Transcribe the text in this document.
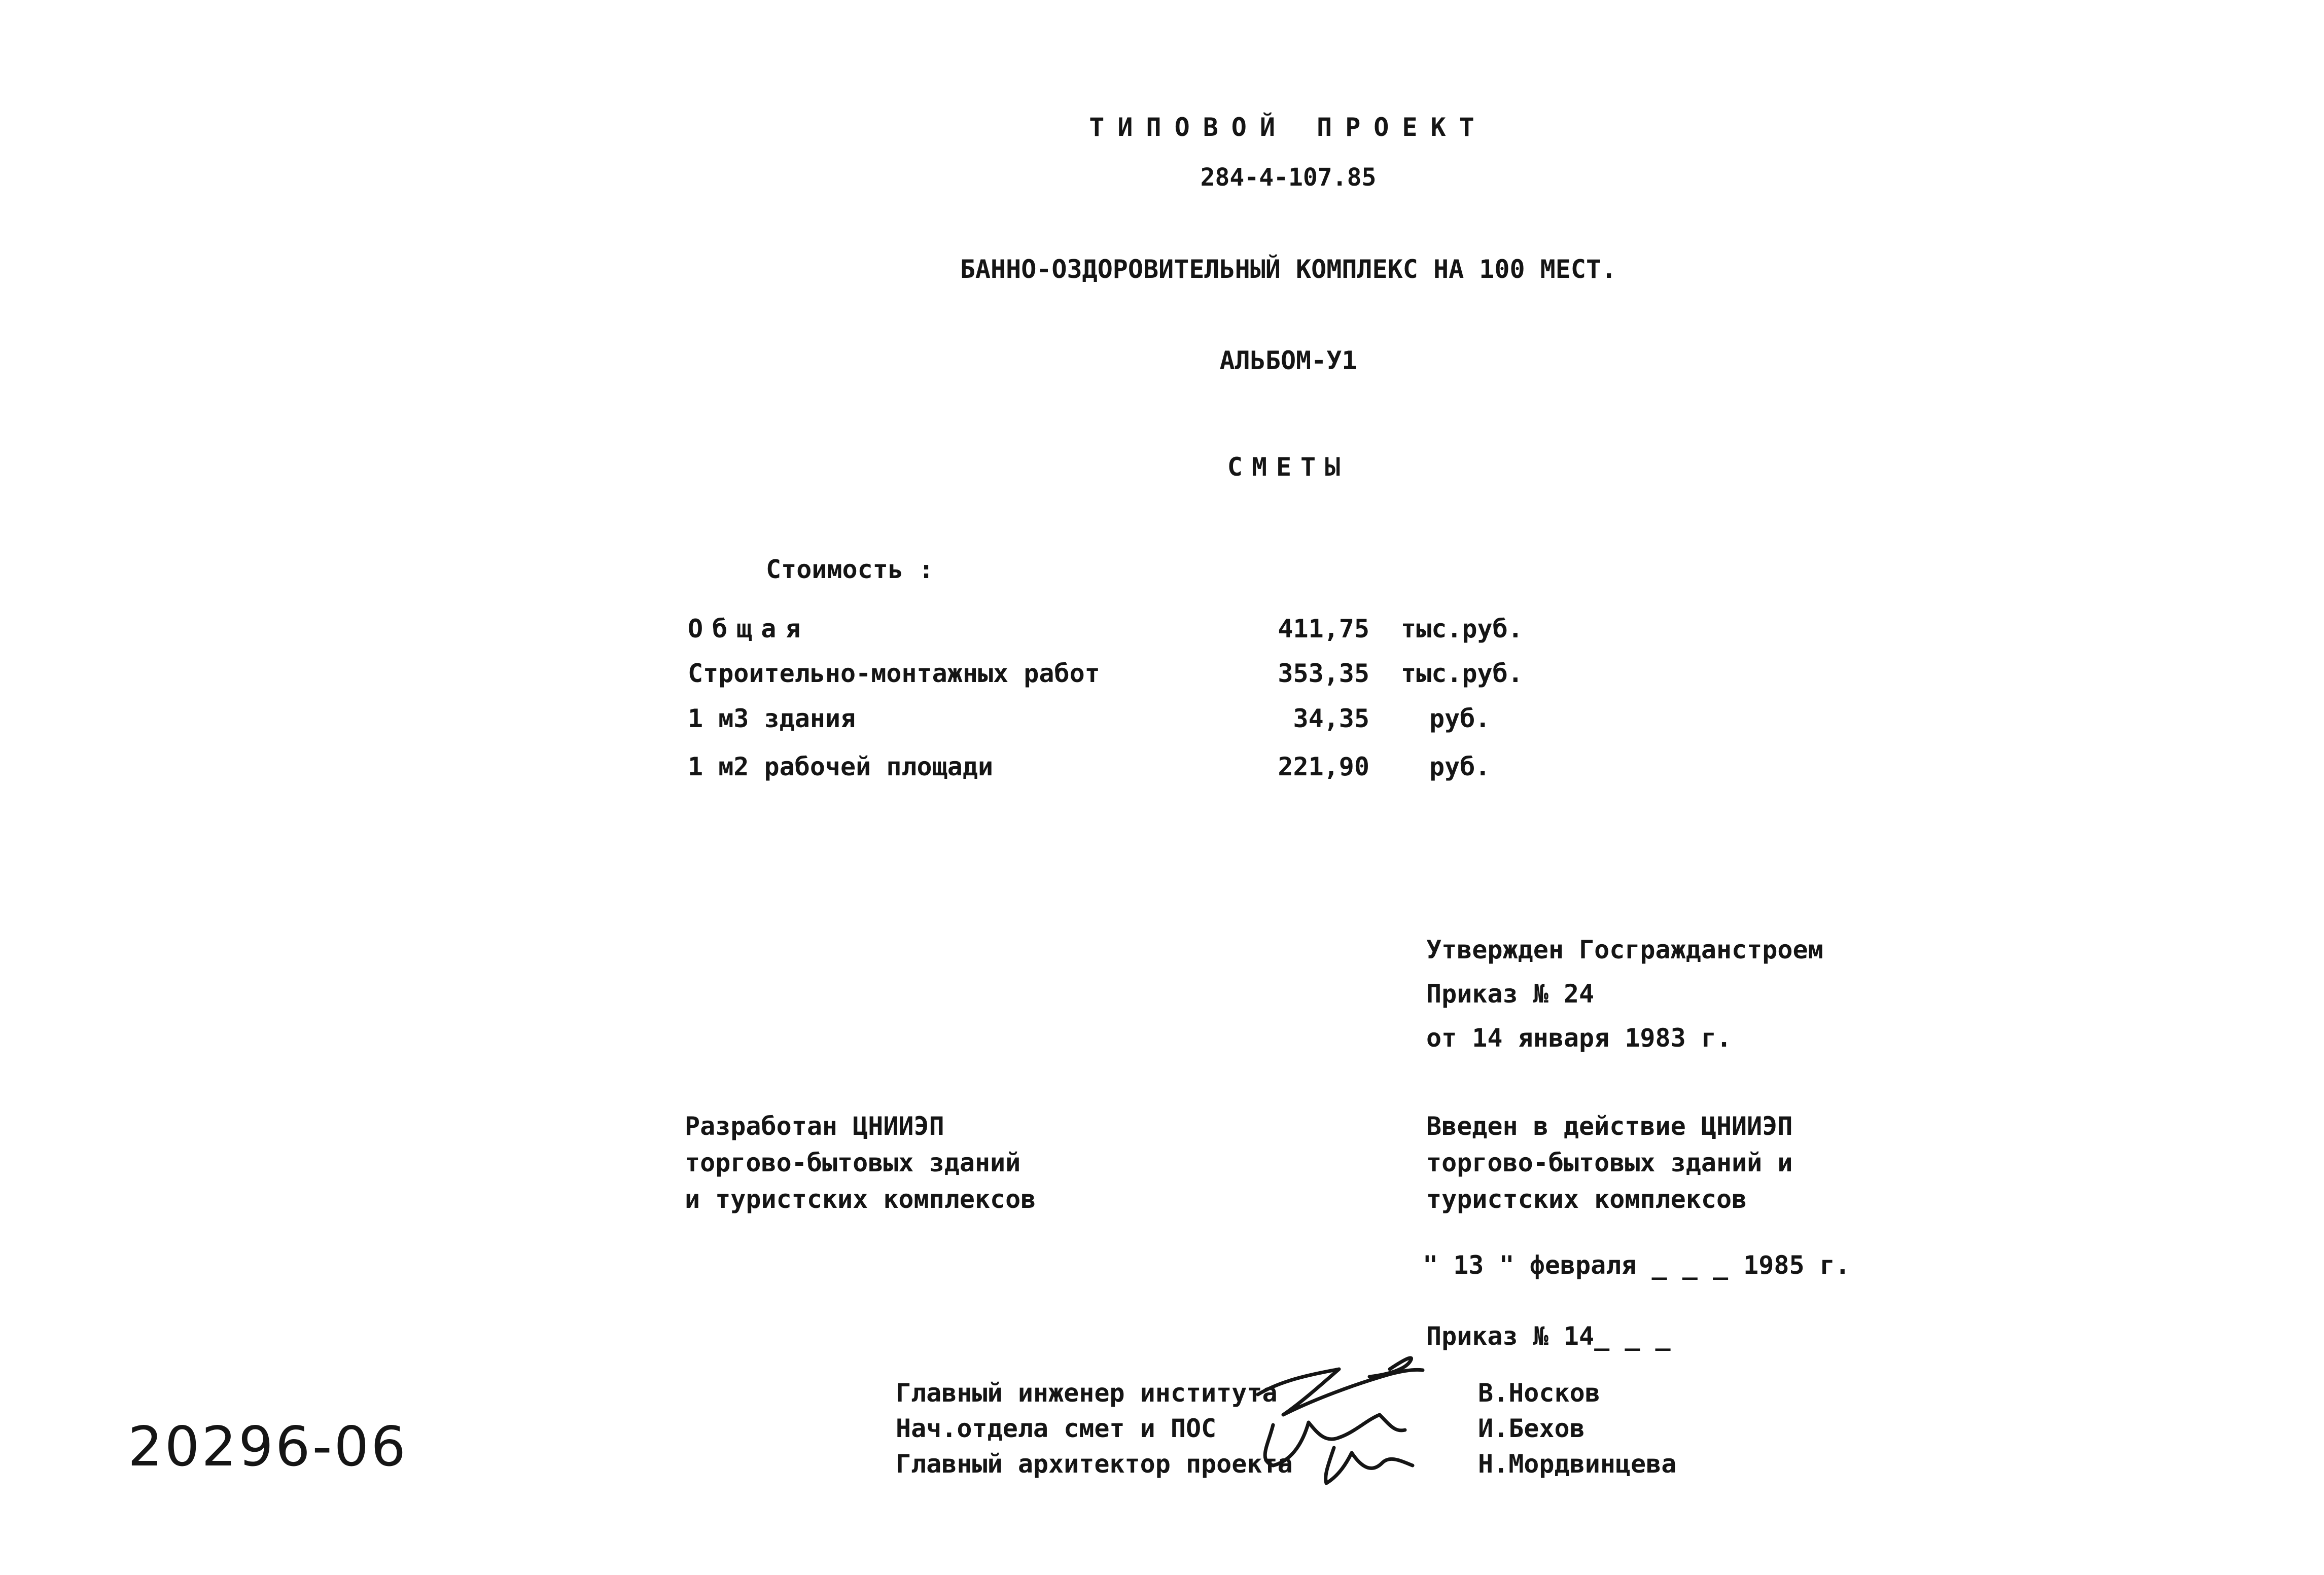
ТИПОВОЙ ПРОЕКТ
284-4-107.85
БАННО-ОЗДОРОВИТЕЛЬНЫЙ КОМПЛЕКС НА 100 МЕСТ.
АЛЬБОМ-У1
СМЕТЫ
Стоимость :
Общая	411,75 тыс.руб.
Строительно-монтажных работ	353,35 тыс.руб.
1 м3 здания	34,35 руб.
1 м2 рабочей площади	221,90 руб.
Утвержден Госгражданстроем
Приказ № 24
от 14 января 1983 г.
Разработан ЦНИИЭП
торгово-бытовых зданий
и туристских комплексов
Введен в действие ЦНИИЭП
торгово-бытовых зданий и
туристских комплексов
" 13 " февраля _ _ _ 1985 г.
Приказ № 14_ _ _
Главный инженер института	В.Носков
Нач.отдела смет и ПОС	И.Бехов
Главный архитектор проекта	Н.Мордвинцева
20296-06
